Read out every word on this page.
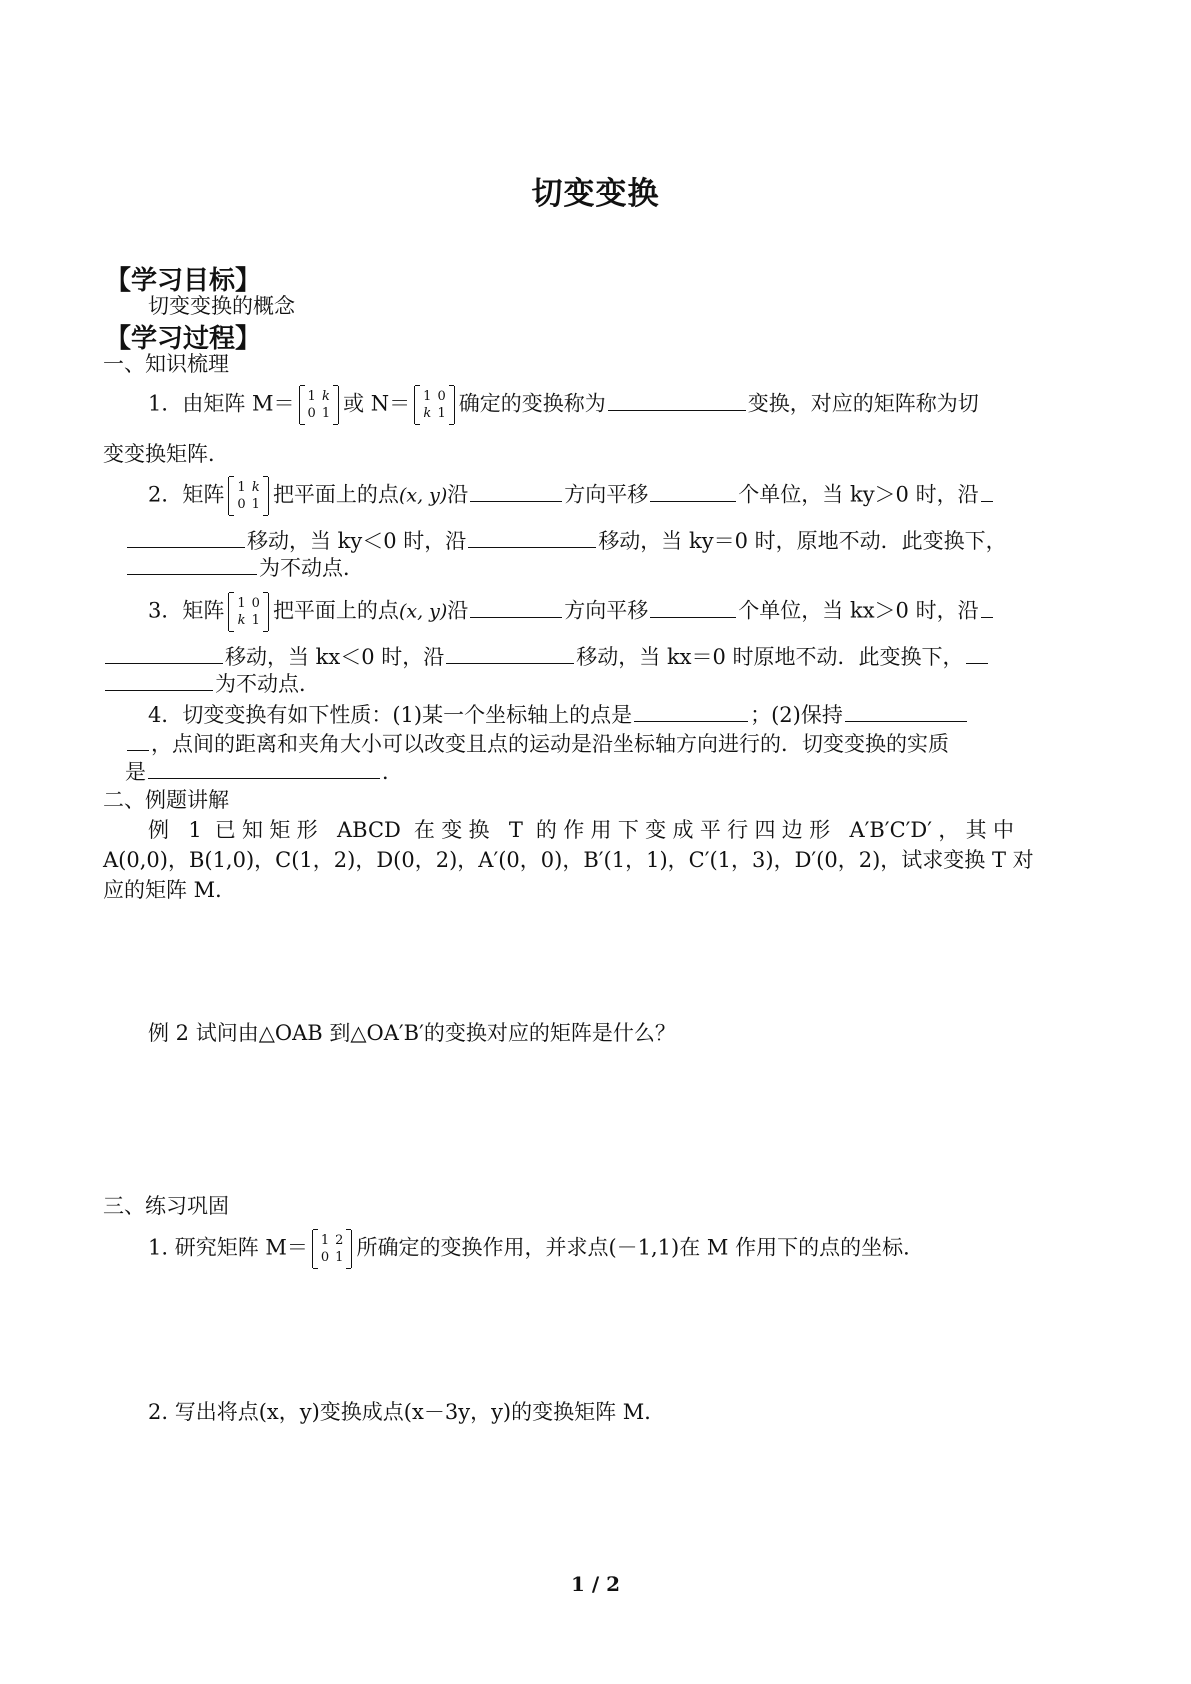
切变变换
【学习目标】
切变变换的概念
【学习过程】
一、知识梳理
1．由矩阵 M＝ 1	k
0	1 或 N＝ 1	0
k	1 确定的变换称为	变换，对应的矩阵称为切
变变换矩阵．
2．矩阵 1	k
0	1 把平面上的点(x, y)沿	方向平移	个单位，当 ky＞0 时，沿
移动，当 ky＜0 时，沿	移动，当 ky＝0 时，原地不动．此变换下，
为不动点．
3．矩阵 1	0
k	1 把平面上的点(x, y)沿	方向平移	个单位，当 kx＞0 时，沿
移动，当 kx＜0 时，沿	移动，当 kx＝0 时原地不动．此变换下，
为不动点．
4．切变变换有如下性质：(1)某一个坐标轴上的点是	；(2)保持
，点间的距离和夹角大小可以改变且点的运动是沿坐标轴方向进行的．切变变换的实质
是	．
二、例题讲解
例 1 已知矩形 ABCD 在变换 T 的作用下变成平行四边形 A′B′C′D′，其中
A(0,0)，B(1,0)，C(1，2)，D(0，2)，A′(0，0)，B′(1，1)，C′(1，3)，D′(0，2)，试求变换 T 对
应的矩阵 M．
例 2 试问由△OAB 到△OA′B′的变换对应的矩阵是什么？
三、练习巩固
1. 研究矩阵 M＝ 1	2
0	1 所确定的变换作用，并求点(－1,1)在 M 作用下的点的坐标．
2. 写出将点(x，y)变换成点(x－3y，y)的变换矩阵 M．
1 / 2
